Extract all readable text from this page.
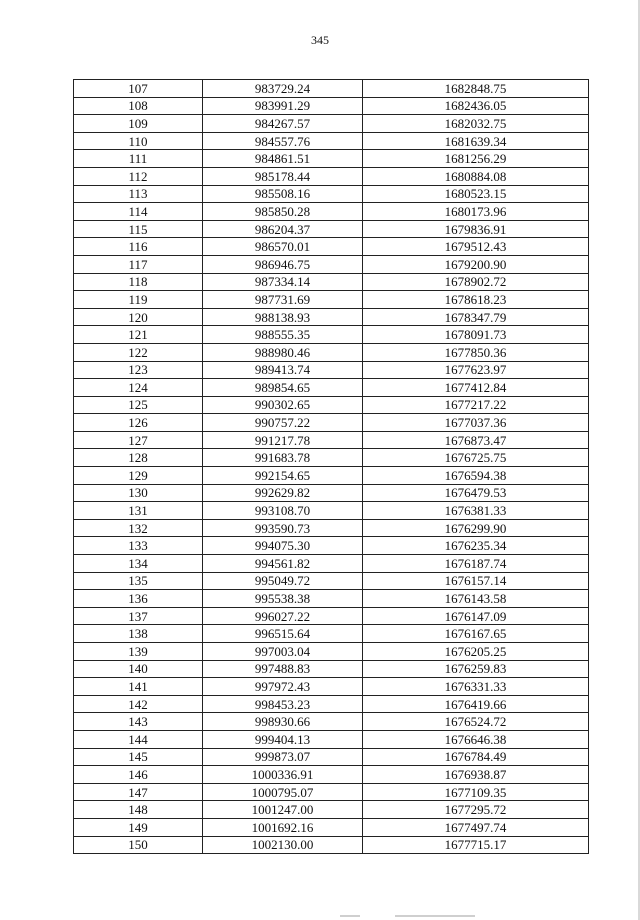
345
107	983729.24	1682848.75
108	983991.29	1682436.05
109	984267.57	1682032.75
110	984557.76	1681639.34
111	984861.51	1681256.29
112	985178.44	1680884.08
113	985508.16	1680523.15
114	985850.28	1680173.96
115	986204.37	1679836.91
116	986570.01	1679512.43
117	986946.75	1679200.90
118	987334.14	1678902.72
119	987731.69	1678618.23
120	988138.93	1678347.79
121	988555.35	1678091.73
122	988980.46	1677850.36
123	989413.74	1677623.97
124	989854.65	1677412.84
125	990302.65	1677217.22
126	990757.22	1677037.36
127	991217.78	1676873.47
128	991683.78	1676725.75
129	992154.65	1676594.38
130	992629.82	1676479.53
131	993108.70	1676381.33
132	993590.73	1676299.90
133	994075.30	1676235.34
134	994561.82	1676187.74
135	995049.72	1676157.14
136	995538.38	1676143.58
137	996027.22	1676147.09
138	996515.64	1676167.65
139	997003.04	1676205.25
140	997488.83	1676259.83
141	997972.43	1676331.33
142	998453.23	1676419.66
143	998930.66	1676524.72
144	999404.13	1676646.38
145	999873.07	1676784.49
146	1000336.91	1676938.87
147	1000795.07	1677109.35
148	1001247.00	1677295.72
149	1001692.16	1677497.74
150	1002130.00	1677715.17
